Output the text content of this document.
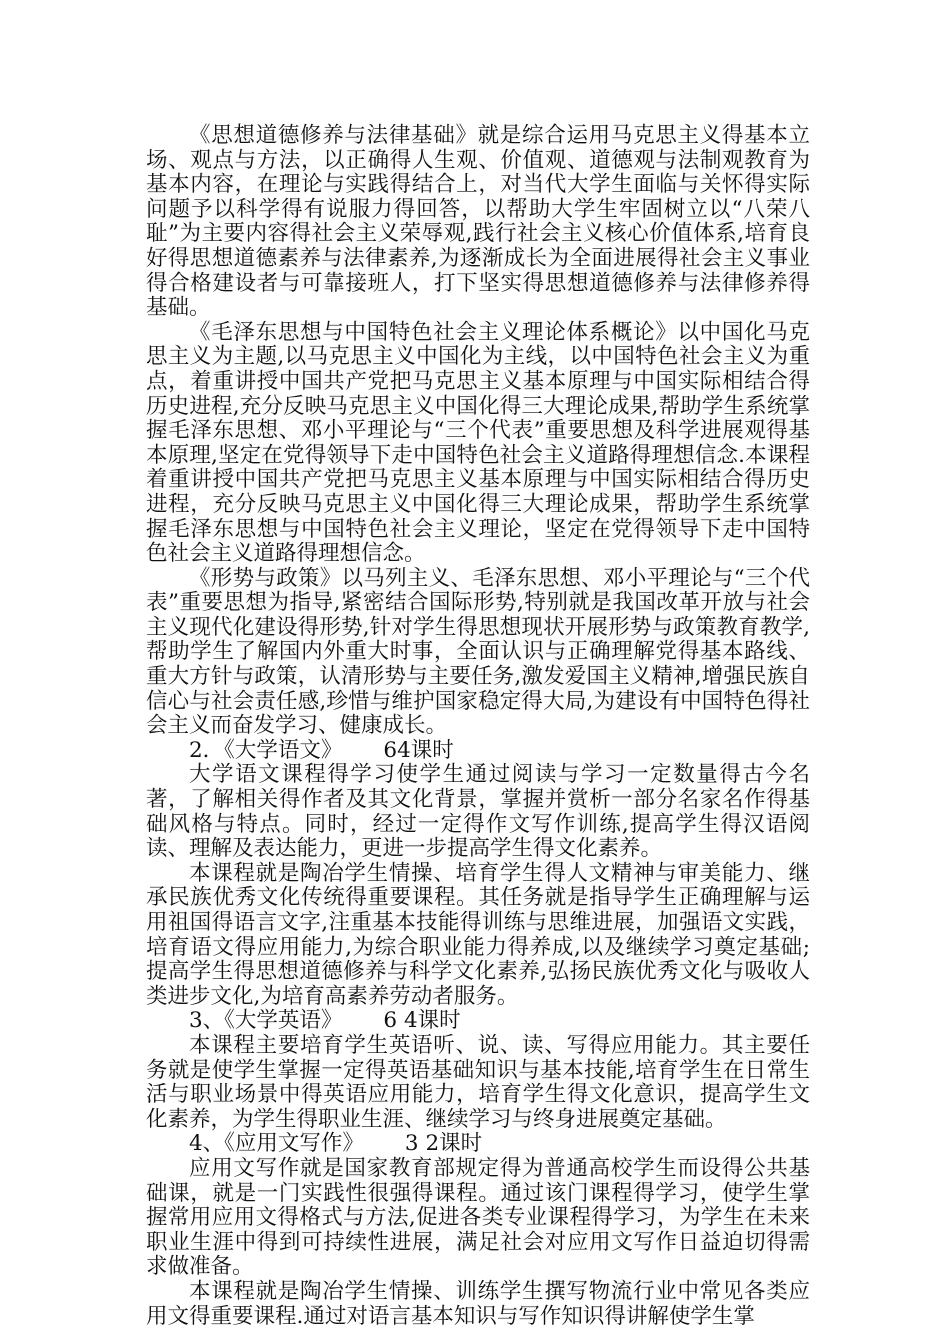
《思想道德修养与法律基础》就是综合运用马克思主义得基本立场、观点与方法，以正确得人生观、价值观、道德观与法制观教育为基本内容，在理论与实践得结合上，对当代大学生面临与关怀得实际问题予以科学得有说服力得回答，以帮助大学生牢固树立以“八荣八耻”为主要内容得社会主义荣辱观,践行社会主义核心价值体系,培育良好得思想道德素养与法律素养,为逐渐成长为全面进展得社会主义事业得合格建设者与可靠接班人，打下坚实得思想道德修养与法律修养得基础。

《毛泽东思想与中国特色社会主义理论体系概论》以中国化马克思主义为主题,以马克思主义中国化为主线，以中国特色社会主义为重点，着重讲授中国共产党把马克思主义基本原理与中国实际相结合得历史进程,充分反映马克思主义中国化得三大理论成果,帮助学生系统掌握毛泽东思想、邓小平理论与“三个代表”重要思想及科学进展观得基本原理,坚定在党得领导下走中国特色社会主义道路得理想信念.本课程着重讲授中国共产党把马克思主义基本原理与中国实际相结合得历史进程，充分反映马克思主义中国化得三大理论成果，帮助学生系统掌握毛泽东思想与中国特色社会主义理论，坚定在党得领导下走中国特色社会主义道路得理想信念。

《形势与政策》以马列主义、毛泽东思想、邓小平理论与“三个代表”重要思想为指导,紧密结合国际形势,特别就是我国改革开放与社会主义现代化建设得形势,针对学生得思想现状开展形势与政策教育教学,帮助学生了解国内外重大时事，全面认识与正确理解党得基本路线、重大方针与政策，认清形势与主要任务,激发爱国主义精神,增强民族自信心与社会责任感,珍惜与维护国家稳定得大局,为建设有中国特色得社会主义而奋发学习、健康成长。

2．《大学语文》      64课时

大学语文课程得学习使学生通过阅读与学习一定数量得古今名著，了解相关得作者及其文化背景，掌握并赏析一部分名家名作得基础风格与特点。同时，经过一定得作文写作训练,提高学生得汉语阅读、理解及表达能力，更进一步提高学生得文化素养。

本课程就是陶冶学生情操、培育学生得人文精神与审美能力、继承民族优秀文化传统得重要课程。其任务就是指导学生正确理解与运用祖国得语言文字,注重基本技能得训练与思维进展，加强语文实践，培育语文得应用能力,为综合职业能力得养成,以及继续学习奠定基础;提高学生得思想道德修养与科学文化素养,弘扬民族优秀文化与吸收人类进步文化,为培育高素养劳动者服务。

3、《大学英语》      6 4课时

本课程主要培育学生英语听、说、读、写得应用能力。其主要任务就是使学生掌握一定得英语基础知识与基本技能,培育学生在日常生活与职业场景中得英语应用能力，培育学生得文化意识，提高学生文化素养，为学生得职业生涯、继续学习与终身进展奠定基础。

4、《应用文写作》      3 2课时

应用文写作就是国家教育部规定得为普通高校学生而设得公共基础课，就是一门实践性很强得课程。通过该门课程得学习，使学生掌握常用应用文得格式与方法,促进各类专业课程得学习，为学生在未来职业生涯中得到可持续性进展，满足社会对应用文写作日益迫切得需求做准备。

本课程就是陶冶学生情操、训练学生撰写物流行业中常见各类应用文得重要课程.通过对语言基本知识与写作知识得讲解使学生掌
